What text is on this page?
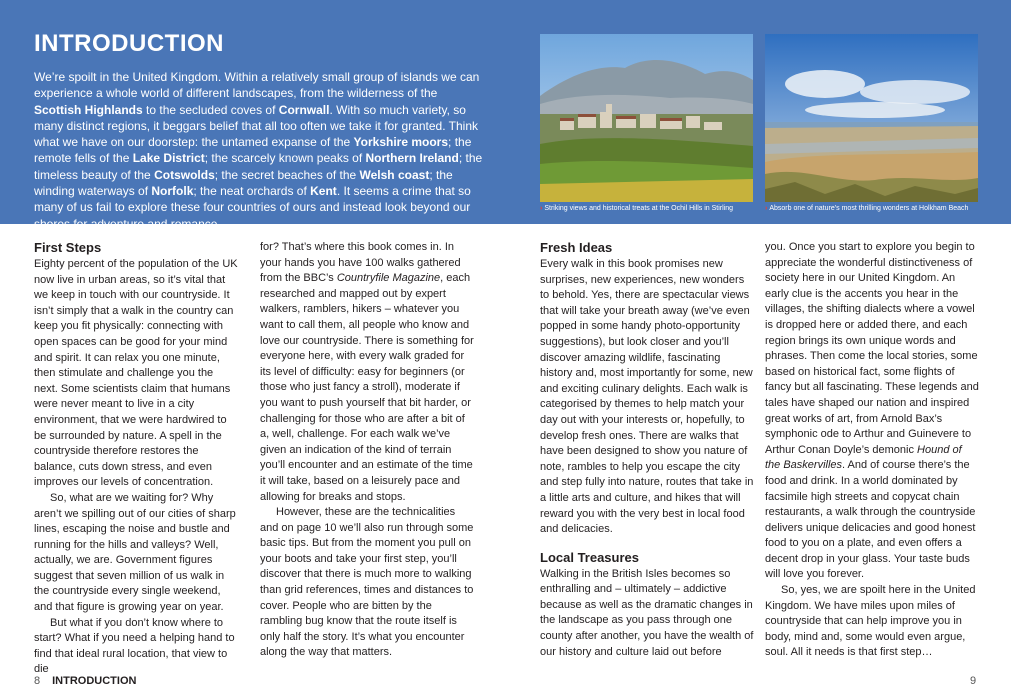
INTRODUCTION

We’re spoilt in the United Kingdom. Within a relatively small group of islands we can experience a whole world of different landscapes, from the wilderness of the Scottish Highlands to the secluded coves of Cornwall. With so much variety, so many distinct regions, it beggars belief that all too often we take it for granted. Think what we have on our doorstep: the untamed expanse of the Yorkshire moors; the remote fells of the Lake District; the scarcely known peaks of Northern Ireland; the timeless beauty of the Cotswolds; the secret beaches of the Welsh coast; the winding waterways of Norfolk; the neat orchards of Kent. It seems a crime that so many of us fail to explore these four countries of ours and instead look beyond our shores for adventure and romance.

› Striking views and historical treats at the Ochil Hills in Stirling	› Absorb one of nature’s most thrilling wonders at Holkham Beach
First Steps

Eighty percent of the population of the UK now live in urban areas, so it’s vital that we keep in touch with our countryside. It isn’t simply that a walk in the country can keep you fit physically: connecting with open spaces can be good for your mind and spirit. It can relax you one minute, then stimulate and challenge you the next. Some scientists claim that humans were never meant to live in a city environment, that we were hardwired to be surrounded by nature. A spell in the countryside therefore restores the balance, cuts down stress, and even improves our levels of concentration.

So, what are we waiting for? Why aren’t we spilling out of our cities of sharp lines, escaping the noise and bustle and running for the hills and valleys? Well, actually, we are. Government figures suggest that seven million of us walk in the countryside every single weekend, and that figure is growing year on year.

But what if you don’t know where to start? What if you need a helping hand to find that ideal rural location, that view to die

for? That’s where this book comes in. In your hands you have 100 walks gathered from the BBC’s Countryfile Magazine, each researched and mapped out by expert walkers, ramblers, hikers – whatever you want to call them, all people who know and love our countryside. There is something for everyone here, with every walk graded for its level of difficulty: easy for beginners (or those who just fancy a stroll), moderate if you want to push yourself that bit harder, or challenging for those who are after a bit of a, well, challenge. For each walk we’ve given an indication of the kind of terrain you’ll encounter and an estimate of the time it will take, based on a leisurely pace and allowing for breaks and stops.

However, these are the technicalities and on page 10 we’ll also run through some basic tips. But from the moment you pull on your boots and take your first step, you’ll discover that there is much more to walking than grid references, times and distances to cover. People who are bitten by the rambling bug know that the route itself is only half the story. It’s what you encounter along the way that matters.

Fresh Ideas

Every walk in this book promises new surprises, new experiences, new wonders to behold. Yes, there are spectacular views that will take your breath away (we’ve even popped in some handy photo-opportunity suggestions), but look closer and you’ll discover amazing wildlife, fascinating history and, most importantly for some, new and exciting culinary delights. Each walk is categorised by themes to help match your day out with your interests or, hopefully, to develop fresh ones. There are walks that have been designed to show you nature of note, rambles to help you escape the city and step fully into nature, routes that take in a little arts and culture, and hikes that will reward you with the very best in local food and delicacies.

Local Treasures

Walking in the British Isles becomes so enthralling and – ultimately – addictive because as well as the dramatic changes in the landscape as you pass through one county after another, you have the wealth of our history and culture laid out before

you. Once you start to explore you begin to appreciate the wonderful distinctiveness of society here in our United Kingdom. An early clue is the accents you hear in the villages, the shifting dialects where a vowel is dropped here or added there, and each region brings its own unique words and phrases. Then come the local stories, some based on historical fact, some flights of fancy but all fascinating. These legends and tales have shaped our nation and inspired great works of art, from Arnold Bax’s symphonic ode to Arthur and Guinevere to Arthur Conan Doyle’s demonic Hound of the Baskervilles. And of course there’s the food and drink. In a world dominated by facsimile high streets and copycat chain restaurants, a walk through the countryside delivers unique delicacies and good honest food to you on a plate, and even offers a decent drop in your glass. Your taste buds will love you forever.

So, yes, we are spoilt here in the United Kingdom. We have miles upon miles of countryside that can help improve you in body, mind and, some would even argue, soul. All it needs is that first step…

8 INTRODUCTION	9
